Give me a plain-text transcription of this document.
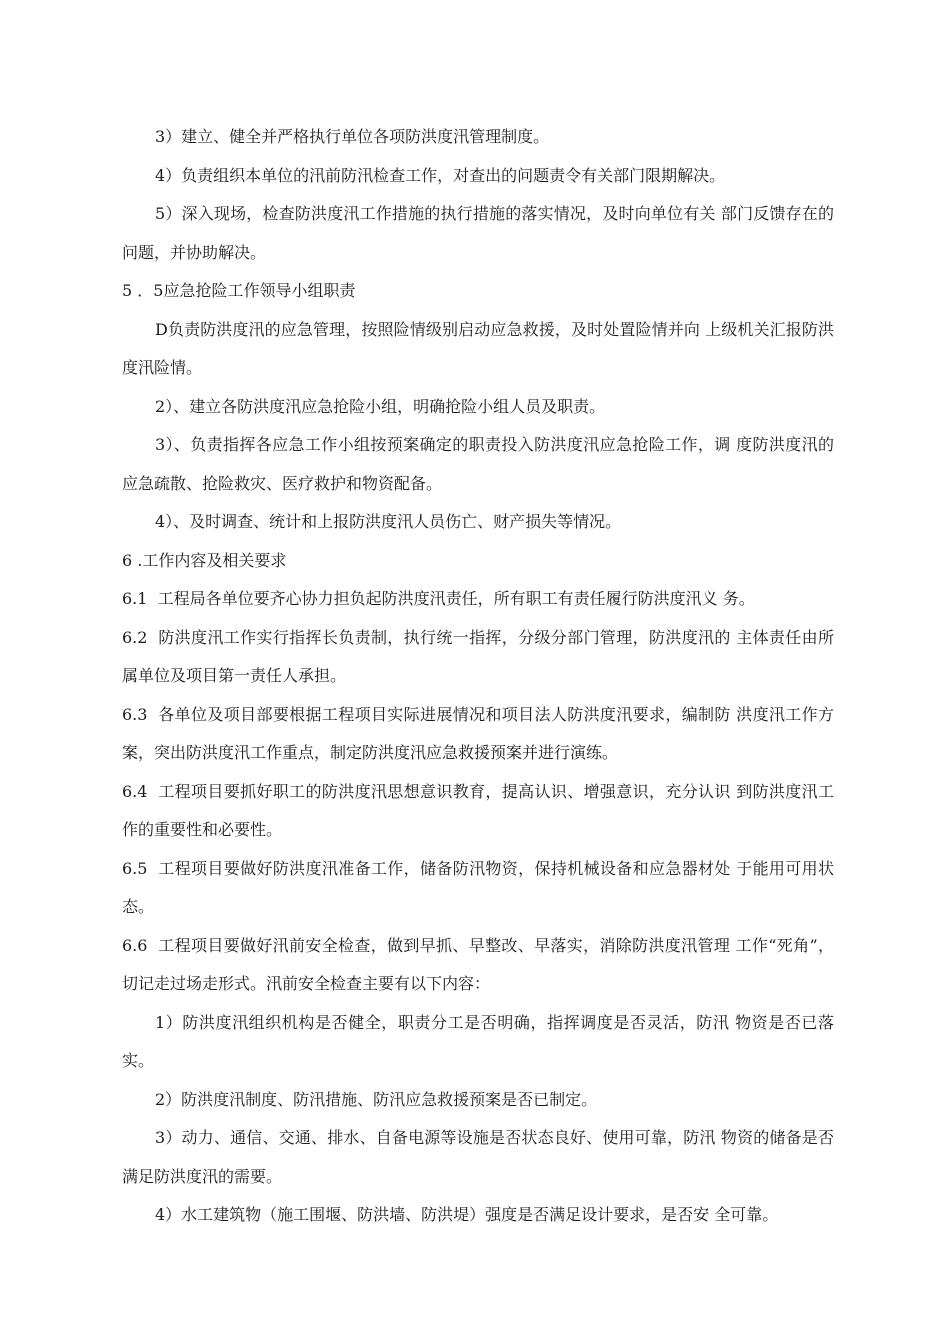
3）建立、健全并严格执行单位各项防洪度汛管理制度。

4）负责组织本单位的汛前防汛检查工作，对查出的问题责令有关部门限期解决。

5）深入现场，检查防洪度汛工作措施的执行措施的落实情况，及时向单位有关 部门反馈存在的问题，并协助解决。

5 ．5应急抢险工作领导小组职责

D负责防洪度汛的应急管理，按照险情级别启动应急救援，及时处置险情并向 上级机关汇报防洪度汛险情。

2）、建立各防洪度汛应急抢险小组，明确抢险小组人员及职责。

3）、负责指挥各应急工作小组按预案确定的职责投入防洪度汛应急抢险工作，调 度防洪度汛的应急疏散、抢险救灾、医疗救护和物资配备。

4）、及时调查、统计和上报防洪度汛人员伤亡、财产损失等情况。

6 .工作内容及相关要求

6.1  工程局各单位要齐心协力担负起防洪度汛责任，所有职工有责任履行防洪度汛义 务。

6.2  防洪度汛工作实行指挥长负责制，执行统一指挥，分级分部门管理，防洪度汛的 主体责任由所属单位及项目第一责任人承担。

6.3  各单位及项目部要根据工程项目实际进展情况和项目法人防洪度汛要求，编制防 洪度汛工作方案，突出防洪度汛工作重点，制定防洪度汛应急救援预案并进行演练。

6.4  工程项目要抓好职工的防洪度汛思想意识教育，提高认识、增强意识，充分认识 到防洪度汛工作的重要性和必要性。

6.5  工程项目要做好防洪度汛准备工作，储备防汛物资，保持机械设备和应急器材处 于能用可用状态。

6.6  工程项目要做好汛前安全检查，做到早抓、早整改、早落实，消除防洪度汛管理 工作“死角”，切记走过场走形式。汛前安全检查主要有以下内容：

1）防洪度汛组织机构是否健全，职责分工是否明确，指挥调度是否灵活，防汛 物资是否已落实。

2）防洪度汛制度、防汛措施、防汛应急救援预案是否已制定。

3）动力、通信、交通、排水、自备电源等设施是否状态良好、使用可靠，防汛 物资的储备是否满足防洪度汛的需要。

4）水工建筑物（施工围堰、防洪墙、防洪堤）强度是否满足设计要求，是否安 全可靠。
